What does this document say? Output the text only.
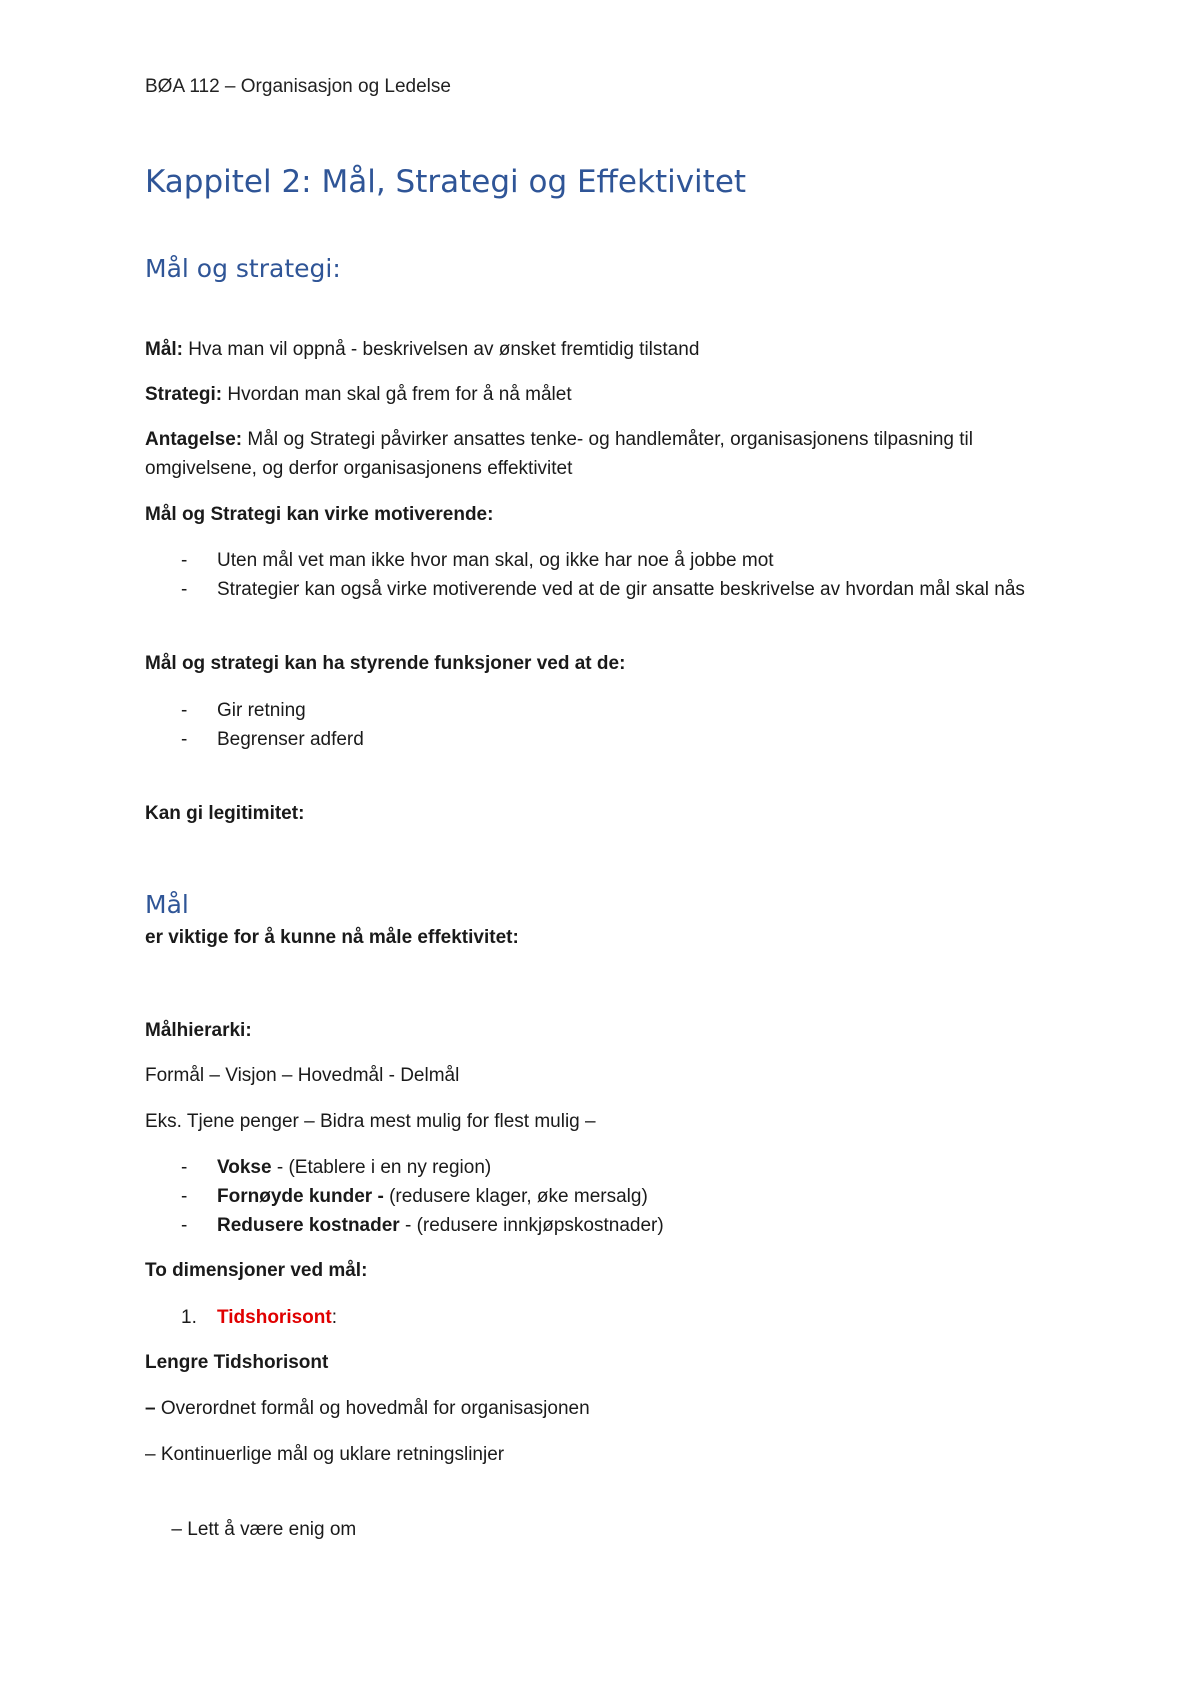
BØA 112 – Organisasjon og Ledelse
Kappitel 2: Mål, Strategi og Effektivitet
Mål og strategi:
Mål: Hva man vil oppnå - beskrivelsen av ønsket fremtidig tilstand
Strategi: Hvordan man skal gå frem for å nå målet
Antagelse: Mål og Strategi påvirker ansattes tenke- og handlemåter, organisasjonens tilpasning til omgivelsene, og derfor organisasjonens effektivitet
Mål og Strategi kan virke motiverende:
- Uten mål vet man ikke hvor man skal, og ikke har noe å jobbe mot
- Strategier kan også virke motiverende ved at de gir ansatte beskrivelse av hvordan mål skal nås
Mål og strategi kan ha styrende funksjoner ved at de:
- Gir retning
- Begrenser adferd
Kan gi legitimitet:
Mål
er viktige for å kunne nå måle effektivitet:
Målhierarki:
Formål – Visjon – Hovedmål - Delmål
Eks. Tjene penger – Bidra mest mulig for flest mulig –
- Vokse - (Etablere i en ny region)
- Fornøyde kunder - (redusere klager, øke mersalg)
- Redusere kostnader - (redusere innkjøpskostnader)
To dimensjoner ved mål:
1. Tidshorisont:
Lengre Tidshorisont
– Overordnet formål og hovedmål for organisasjonen
– Kontinuerlige mål og uklare retningslinjer

– Lett å være enig om
